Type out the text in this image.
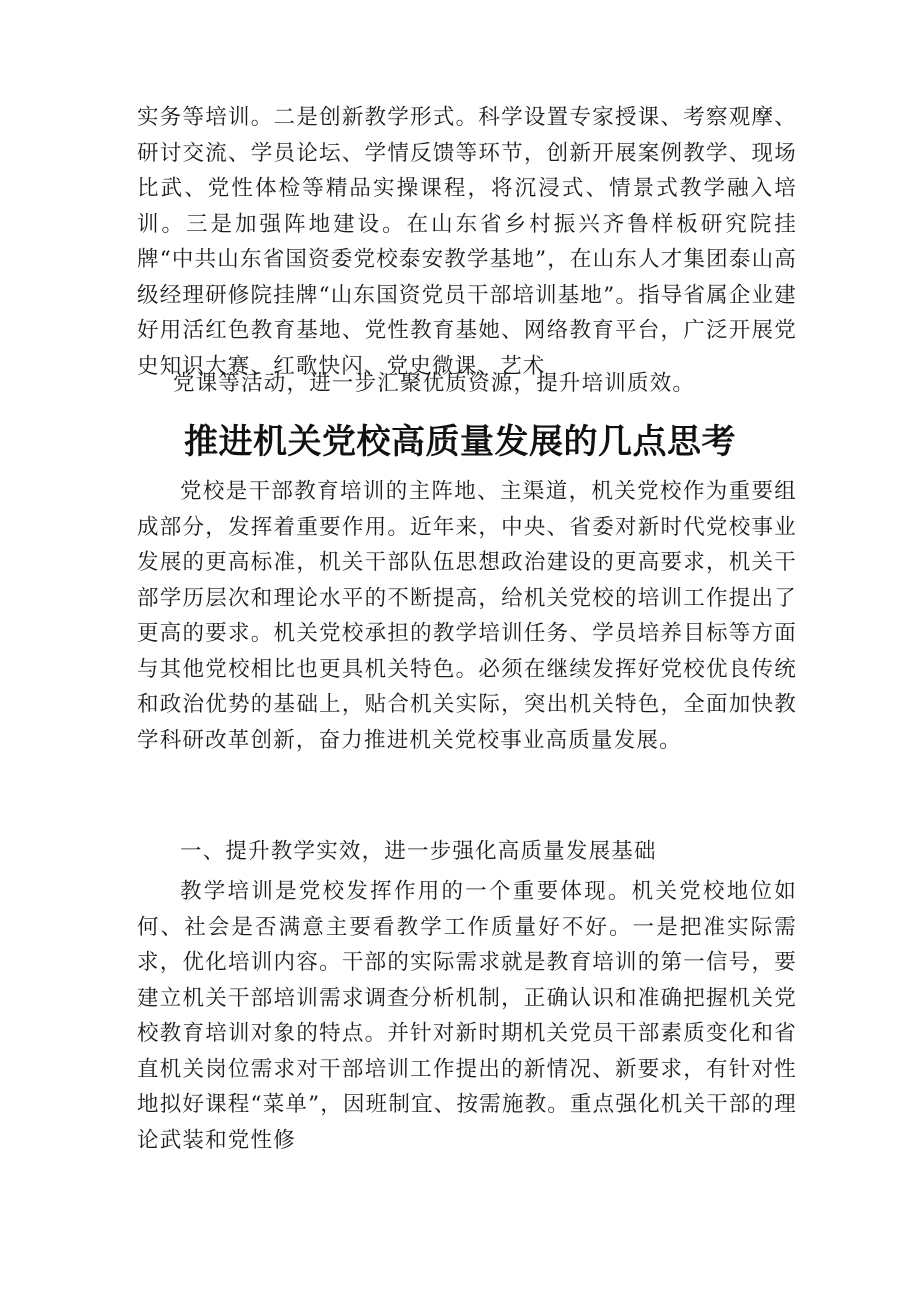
实务等培训。二是创新教学形式。科学设置专家授课、考察观摩、研讨交流、学员论坛、学情反馈等环节，创新开展案例教学、现场比武、党性体检等精品实操课程，将沉浸式、情景式教学融入培训。三是加强阵地建设。在山东省乡村振兴齐鲁样板研究院挂牌“中共山东省国资委党校泰安教学基地”，在山东人才集团泰山高级经理研修院挂牌“山东国资党员干部培训基地”。指导省属企业建好用活红色教育基地、党性教育基她、网络教育平台，广泛开展党史知识大赛、红歌快闪、党史微课、艺术

党课等活动，进一步汇聚优质资源，提升培训质效。

推进机关党校高质量发展的几点思考

党校是干部教育培训的主阵地、主渠道，机关党校作为重要组成部分，发挥着重要作用。近年来，中央、省委对新时代党校事业发展的更高标准，机关干部队伍思想政治建设的更高要求，机关干部学历层次和理论水平的不断提高，给机关党校的培训工作提出了更高的要求。机关党校承担的教学培训任务、学员培养目标等方面与其他党校相比也更具机关特色。必须在继续发挥好党校优良传统和政治优势的基础上，贴合机关实际，突出机关特色，全面加快教学科研改革创新，奋力推进机关党校事业高质量发展。

一、提升教学实效，进一步强化高质量发展基础

教学培训是党校发挥作用的一个重要体现。机关党校地位如何、社会是否满意主要看教学工作质量好不好。一是把准实际需求，优化培训内容。干部的实际需求就是教育培训的第一信号，要建立机关干部培训需求调查分析机制，正确认识和准确把握机关党校教育培训对象的特点。并针对新时期机关党员干部素质变化和省直机关岗位需求对干部培训工作提出的新情况、新要求，有针对性地拟好课程“菜单”，因班制宜、按需施教。重点强化机关干部的理论武装和党性修
